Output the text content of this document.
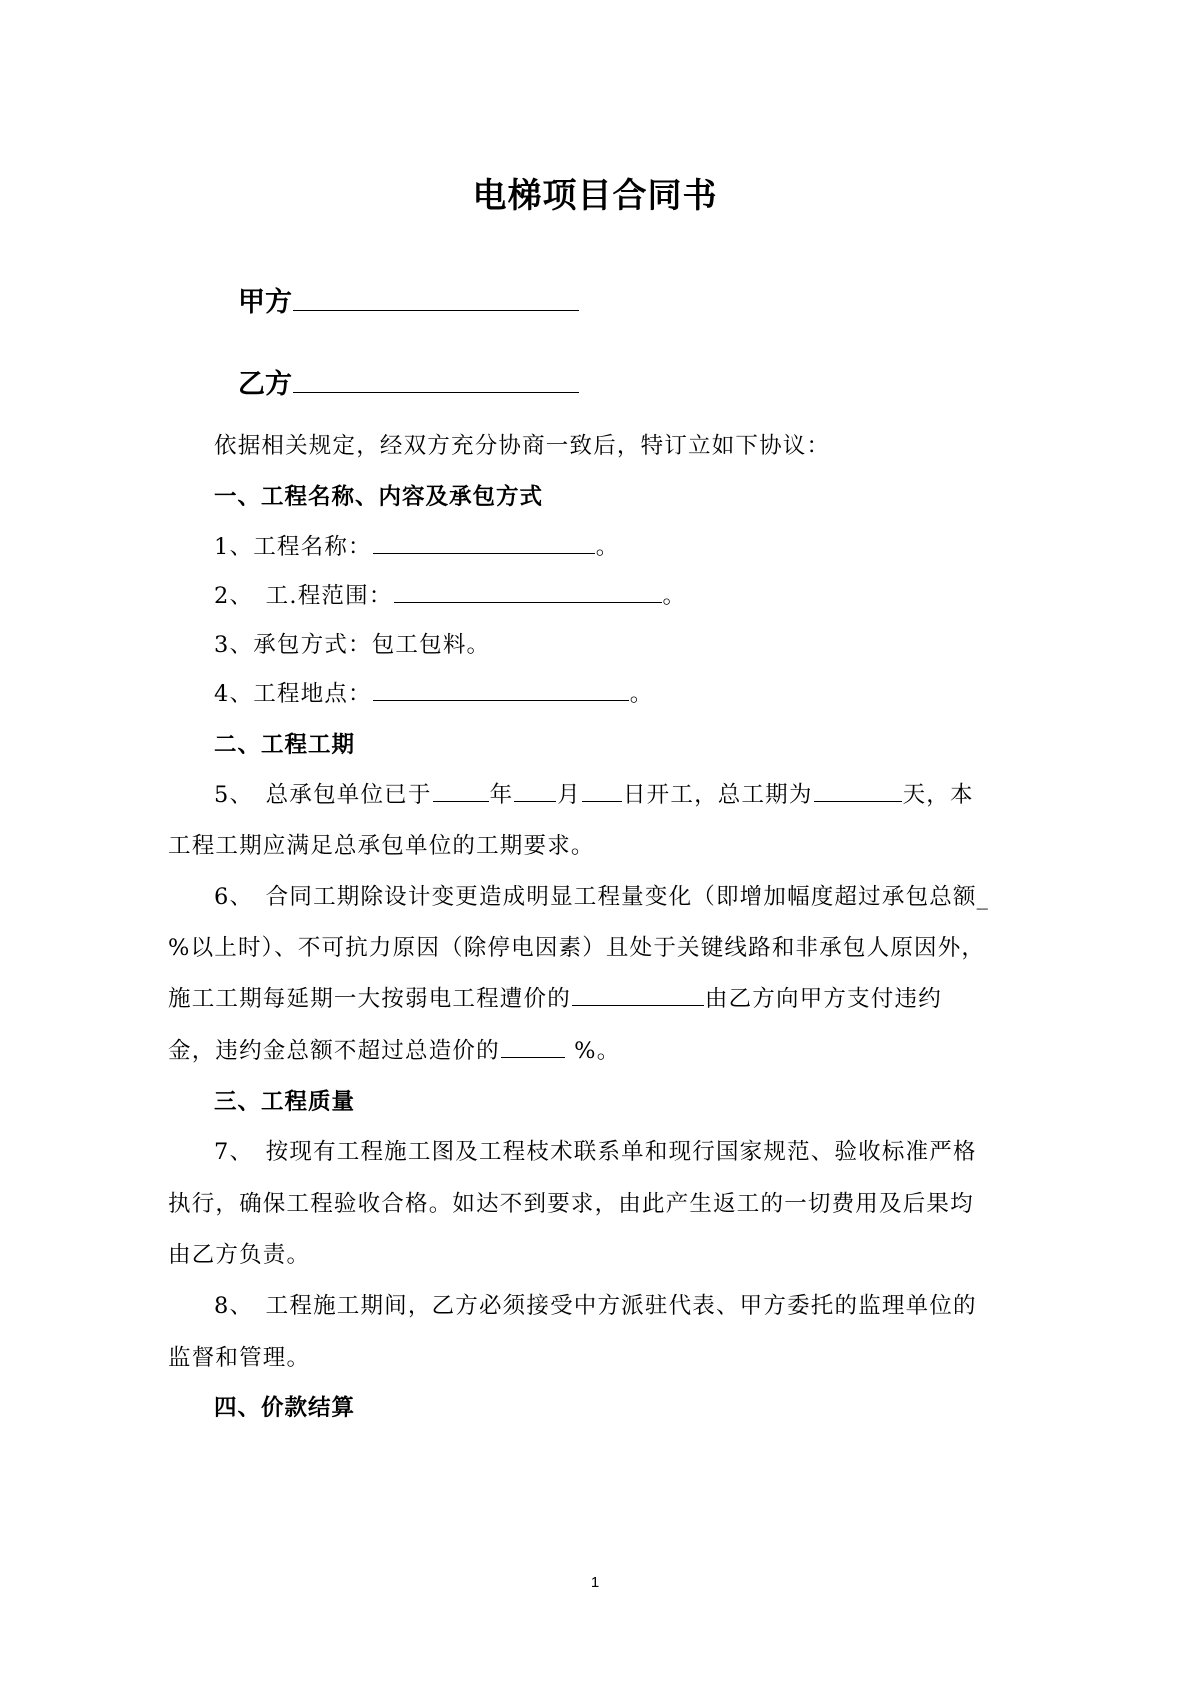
电梯项目合同书
甲方
乙方
依据相关规定，经双方充分协商一致后，特订立如下协议：
一、工程名称、内容及承包方式
1、工程名称：	。
2、　工.程范围：	。
3、承包方式：包工包料。
4、工程地点：	。
二、工程工期
5、　总承包单位已于	年 月 日开工，总工期为	天，本
工程工期应满足总承包单位的工期要求。
6、　合同工期除设计变更造成明显工程量变化（即增加幅度超过承包总额_
%以上时）、不可抗力原因（除停电因素）且处于关键线路和非承包人原因外，
施工工期每延期一大按弱电工程遭价的	由乙方向甲方支付违约
金，违约金总额不超过总造价的	%。
三、工程质量
7、　按现有工程施工图及工程枝术联系单和现行国家规范、验收标准严格
执行，确保工程验收合格。如达不到要求，由此产生返工的一切费用及后果均
由乙方负责。
8、　工程施工期间，乙方必须接受中方派驻代表、甲方委托的监理单位的
监督和管理。
四、价款结算
1
